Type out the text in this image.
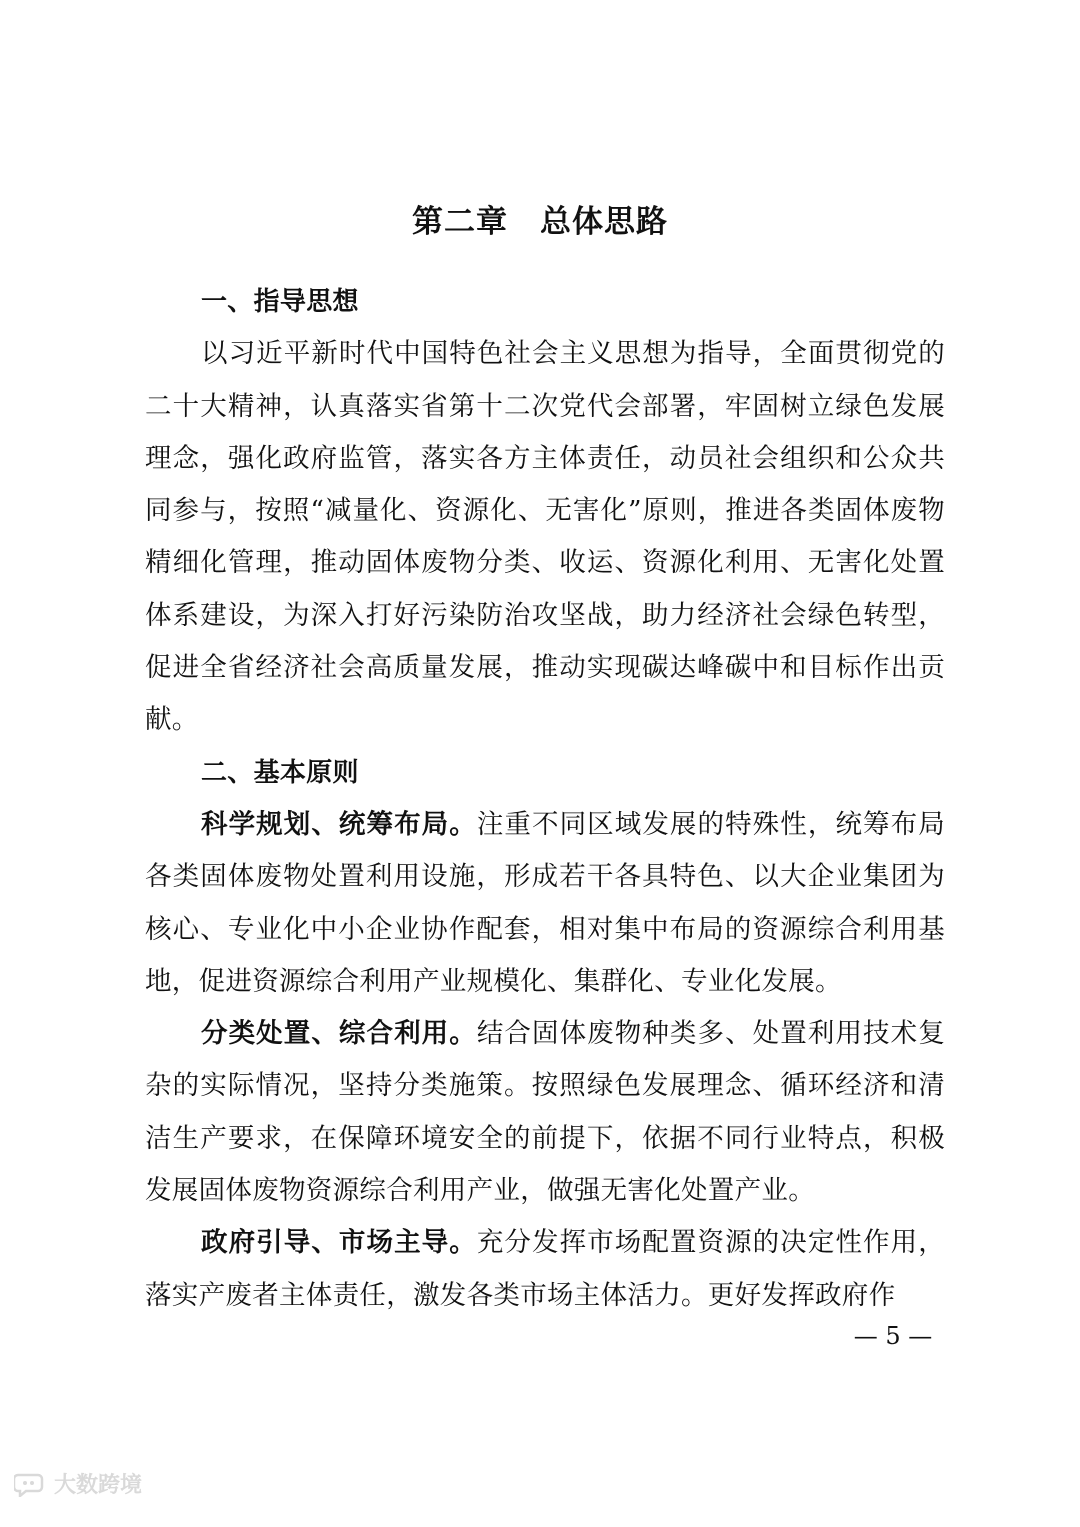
第二章　总体思路

一、指导思想

以习近平新时代中国特色社会主义思想为指导，全面贯彻党的二十大精神，认真落实省第十二次党代会部署，牢固树立绿色发展理念，强化政府监管，落实各方主体责任，动员社会组织和公众共同参与，按照“减量化、资源化、无害化”原则，推进各类固体废物精细化管理，推动固体废物分类、收运、资源化利用、无害化处置体系建设，为深入打好污染防治攻坚战，助力经济社会绿色转型，促进全省经济社会高质量发展，推动实现碳达峰碳中和目标作出贡献。

二、基本原则

科学规划、统筹布局。注重不同区域发展的特殊性，统筹布局各类固体废物处置利用设施，形成若干各具特色、以大企业集团为核心、专业化中小企业协作配套，相对集中布局的资源综合利用基地，促进资源综合利用产业规模化、集群化、专业化发展。

分类处置、综合利用。结合固体废物种类多、处置利用技术复杂的实际情况，坚持分类施策。按照绿色发展理念、循环经济和清洁生产要求，在保障环境安全的前提下，依据不同行业特点，积极发展固体废物资源综合利用产业，做强无害化处置产业。

政府引导、市场主导。充分发挥市场配置资源的决定性作用，落实产废者主体责任，激发各类市场主体活力。更好发挥政府作

— 5 —
大数跨境
